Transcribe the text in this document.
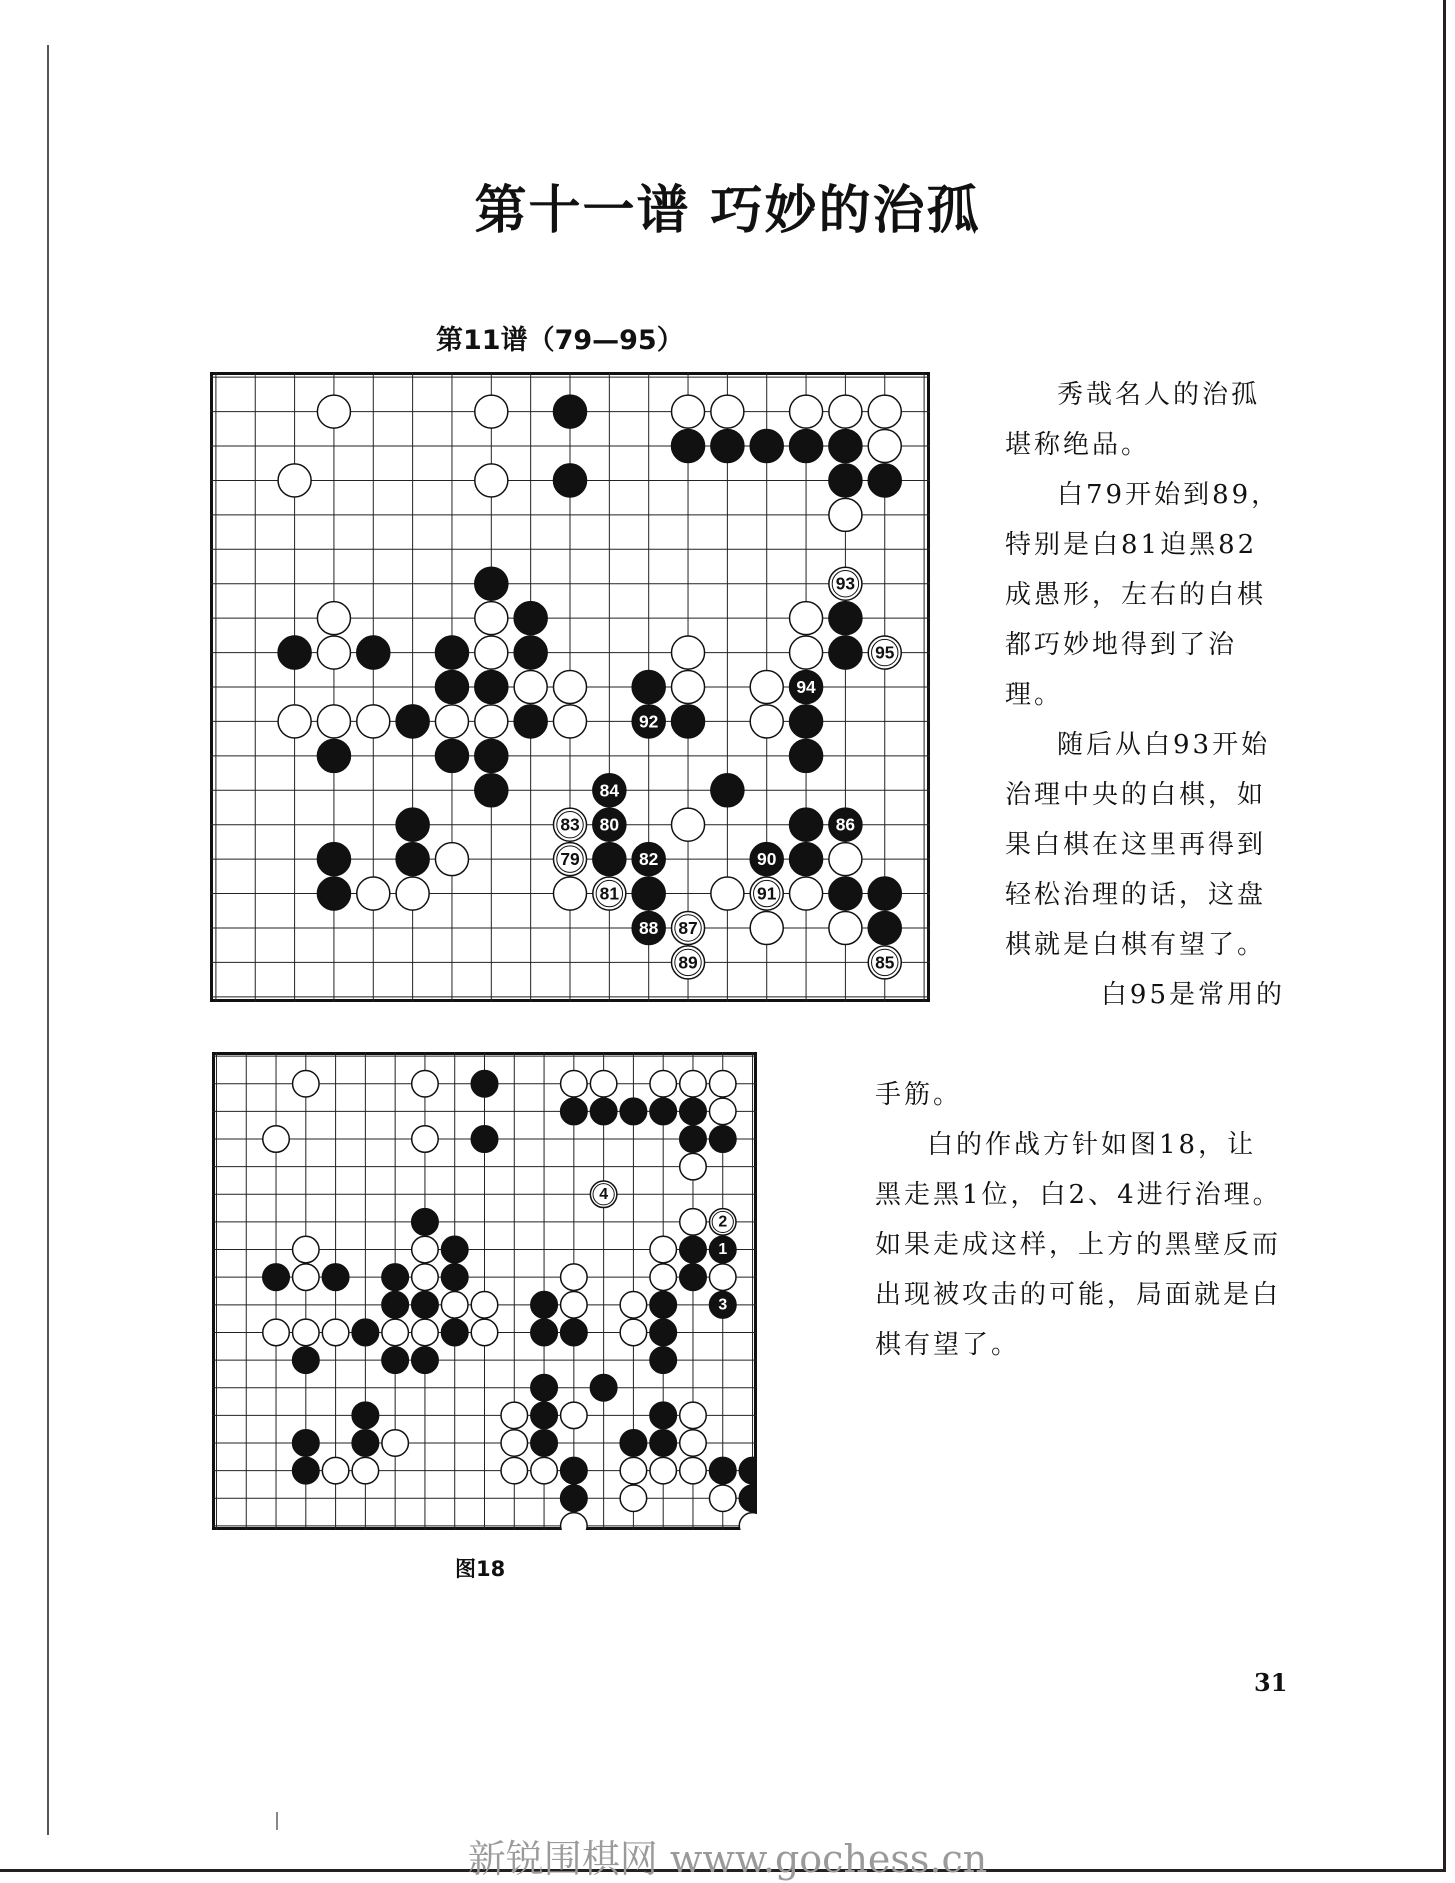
第十一谱 巧妙的治孤
第11谱（79—95）
93
95
94
92
84
83 80	86
79	82	90
81	91
88 87
89	85
4
2
1
3
图18

秀哉名人的治孤堪称绝品。

白79开始到89，特别是白81迫黑82成愚形，左右的白棋都巧妙地得到了治理。

随后从白93开始治理中央的白棋，如果白棋在这里再得到轻松治理的话，这盘棋就是白棋有望了。

白95是常用的

手筋。

白的作战方针如图18，让黑走黑1位，白2、4进行治理。如果走成这样，上方的黑壁反而出现被攻击的可能，局面就是白棋有望了。

31
新锐围棋网 www.gochess.cn
